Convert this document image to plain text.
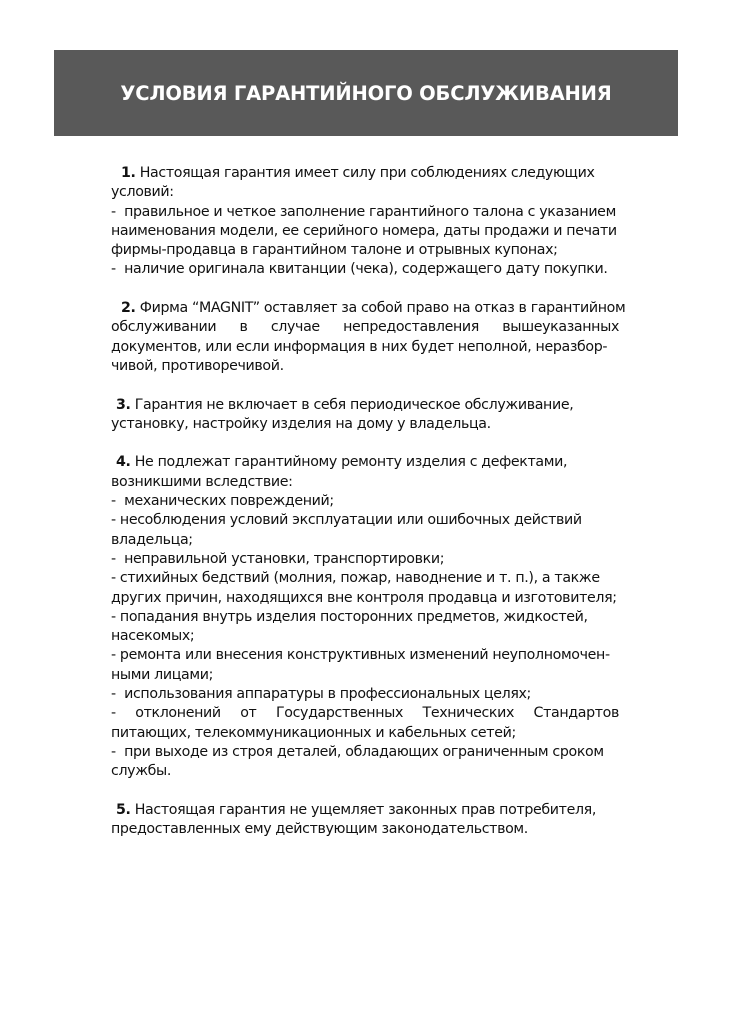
УСЛОВИЯ ГАРАНТИЙНОГО ОБСЛУЖИВАНИЯ
1. Настоящая гарантия имеет силу при соблюдениях следующих
условий:
-  правильное и четкое заполнение гарантийного талона с указанием
наименования модели, ее серийного номера, даты продажи и печати
фирмы-продавца в гарантийном талоне и отрывных купонах;
-  наличие оригинала квитанции (чека), содержащего дату покупки.
2. Фирма “MAGNIT” оставляет за собой право на отказ в гарантийном
обслуживании в случае непредоставления вышеуказанных
документов, или если информация в них будет неполной, неразбор-
чивой, противоречивой.
3. Гарантия не включает в себя периодическое обслуживание,
установку, настройку изделия на дому у владельца.
4. Не подлежат гарантийному ремонту изделия с дефектами,
возникшими вследствие:
-  механических повреждений;
- несоблюдения условий эксплуатации или ошибочных действий
владельца;
-  неправильной установки, транспортировки;
- стихийных бедствий (молния, пожар, наводнение и т. п.), а также
других причин, находящихся вне контроля продавца и изготовителя;
- попадания внутрь изделия посторонних предметов, жидкостей,
насекомых;
- ремонта или внесения конструктивных изменений неуполномочен-
ными лицами;
-  использования аппаратуры в профессиональных целях;
- отклонений от Государственных Технических Стандартов
питающих, телекоммуникационных и кабельных сетей;
-  при выходе из строя деталей, обладающих ограниченным сроком
службы.
5. Настоящая гарантия не ущемляет законных прав потребителя,
предоставленных ему действующим законодательством.
